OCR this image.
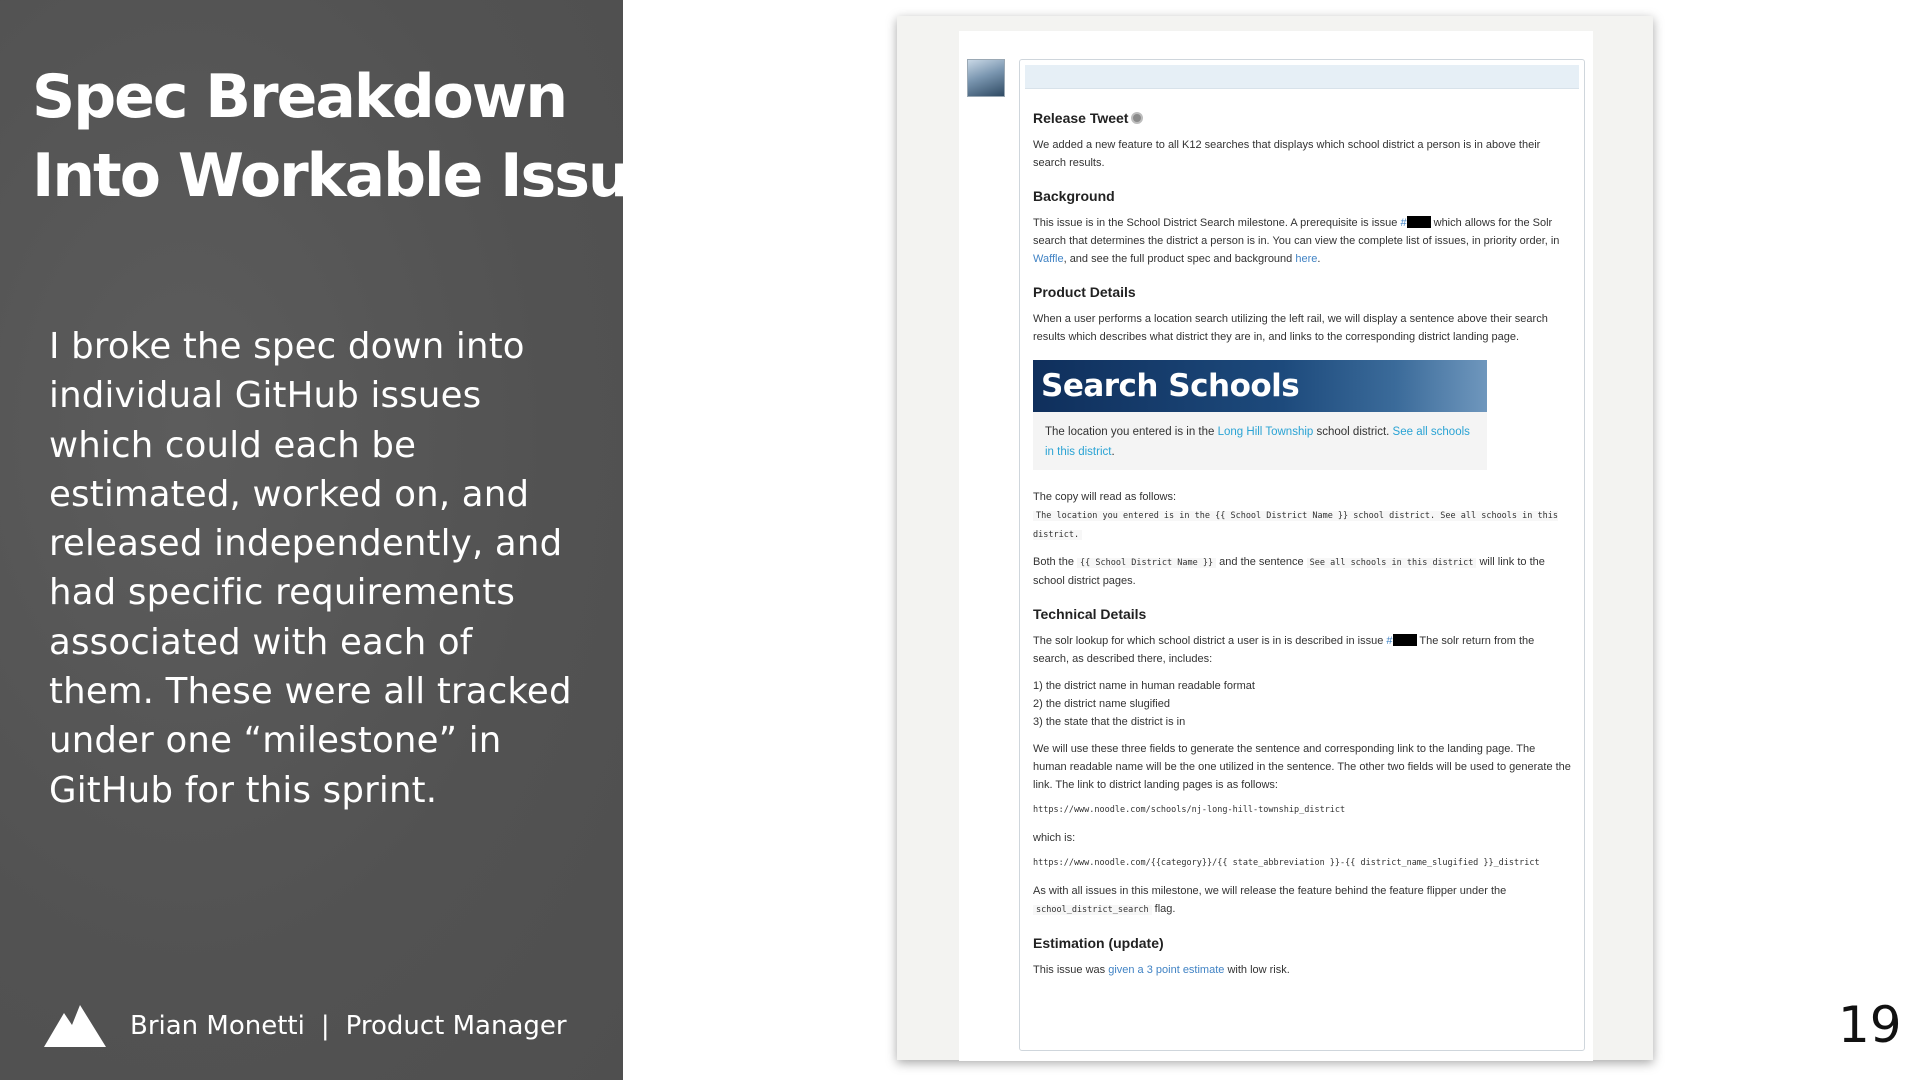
Spec Breakdown
Into Workable Issues

I broke the spec down into individual GitHub issues which could each be estimated, worked on, and released independently, and had specific requirements associated with each of them. These were all tracked under one “milestone” in GitHub for this sprint.

Brian Monetti | Product Manager	19
Release Tweet

We added a new feature to all K12 searches that displays which school district a person is in above their search results.

Background

This issue is in the School District Search milestone. A prerequisite is issue # which allows for the Solr search that determines the district a person is in. You can view the complete list of issues, in priority order, in Waffle, and see the full product spec and background here.

Product Details

When a user performs a location search utilizing the left rail, we will display a sentence above their search results which describes what district they are in, and links to the corresponding district landing page.

Search Schools
The location you entered is in the Long Hill Township school district. See all schools in this district.

The copy will read as follows:
The location you entered is in the {{ School District Name }} school district. See all schools in this district.

Both the {{ School District Name }} and the sentence See all schools in this district will link to the school district pages.

Technical Details

The solr lookup for which school district a user is in is described in issue # The solr return from the search, as described there, includes:

1) the district name in human readable format
2) the district name slugified
3) the state that the district is in

We will use these three fields to generate the sentence and corresponding link to the landing page. The human readable name will be the one utilized in the sentence. The other two fields will be used to generate the link. The link to district landing pages is as follows:

https://www.noodle.com/schools/nj-long-hill-township_district

which is:

https://www.noodle.com/{{category}}/{{ state_abbreviation }}-{{ district_name_slugified }}_district

As with all issues in this milestone, we will release the feature behind the feature flipper under the school_district_search flag.

Estimation (update)

This issue was given a 3 point estimate with low risk.
